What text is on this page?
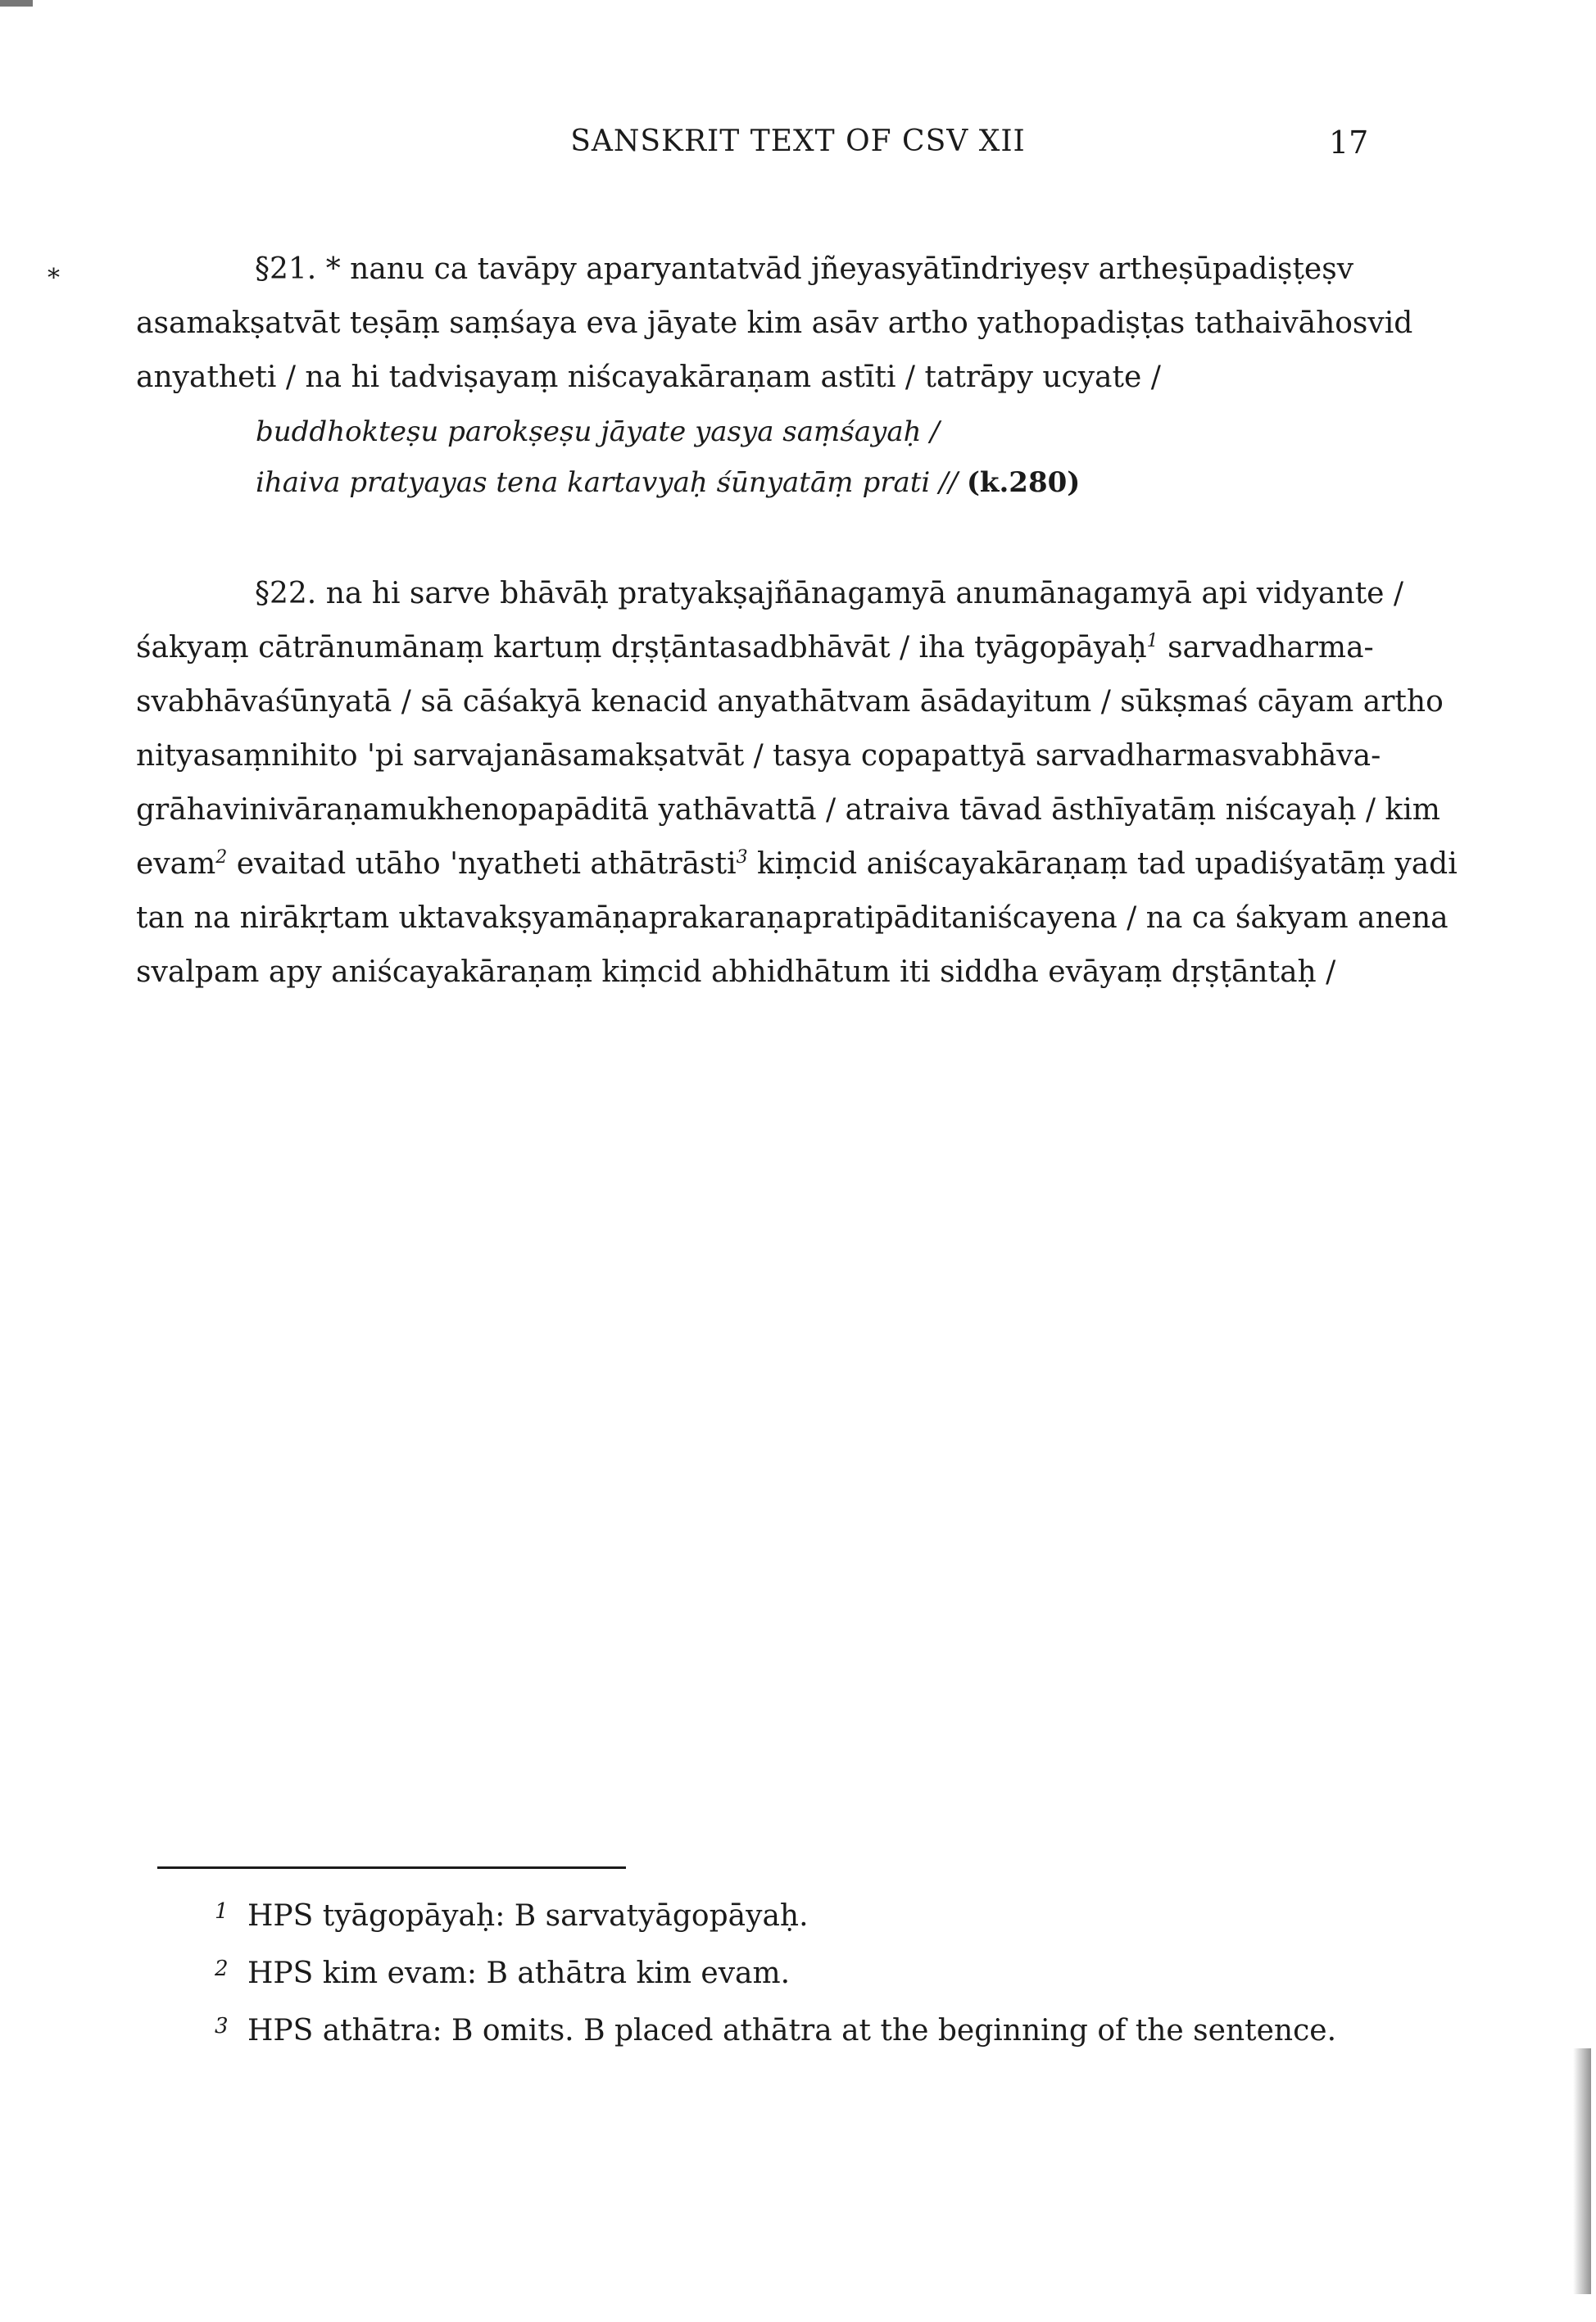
SANSKRIT TEXT OF CSV XII	17
*	§21. * nanu ca tavāpy aparyantatvād jñeyasyātīndriyeṣv artheṣūpadiṣṭeṣv
asamakṣatvāt teṣāṃ saṃśaya eva jāyate kim asāv artho yathopadiṣṭas tathaivāhosvid
anyatheti / na hi tadviṣayaṃ niścayakāraṇam astīti / tatrāpy ucyate /
buddhokteṣu parokṣeṣu jāyate yasya saṃśayaḥ /
ihaiva pratyayas tena kartavyaḥ śūnyatāṃ prati // (k.280)
§22. na hi sarve bhāvāḥ pratyakṣajñānagamyā anumānagamyā api vidyante /
śakyaṃ cātrānumānaṃ kartuṃ dṛṣṭāntasadbhāvāt / iha tyāgopāyaḥ$^1$ sarvadharma-
svabhāvaśūnyatā / sā cāśakyā kenacid anyathātvam āsādayitum / sūkṣmaś cāyam artho
nityasaṃnihito 'pi sarvajanāsamakṣatvāt / tasya copapattyā sarvadharmasvabhāva-
grāhavinivāraṇamukhenopapāditā yathāvattā / atraiva tāvad āsthīyatāṃ niścayaḥ / kim
evam$^2$ evaitad utāho 'nyatheti athātrāsti$^3$ kiṃcid aniścayakāraṇaṃ tad upadiśyatāṃ yadi
tan na nirākṛtam uktavakṣyamāṇaprakaraṇapratipāditaniścayena / na ca śakyam anena
svalpam apy aniścayakāraṇaṃ kiṃcid abhidhātum iti siddha evāyaṃ dṛṣṭāntaḥ /
1 HPS tyāgopāyaḥ: B sarvatyāgopāyaḥ.
2 HPS kim evam: B athātra kim evam.
3 HPS athātra: B omits. B placed athātra at the beginning of the sentence.
